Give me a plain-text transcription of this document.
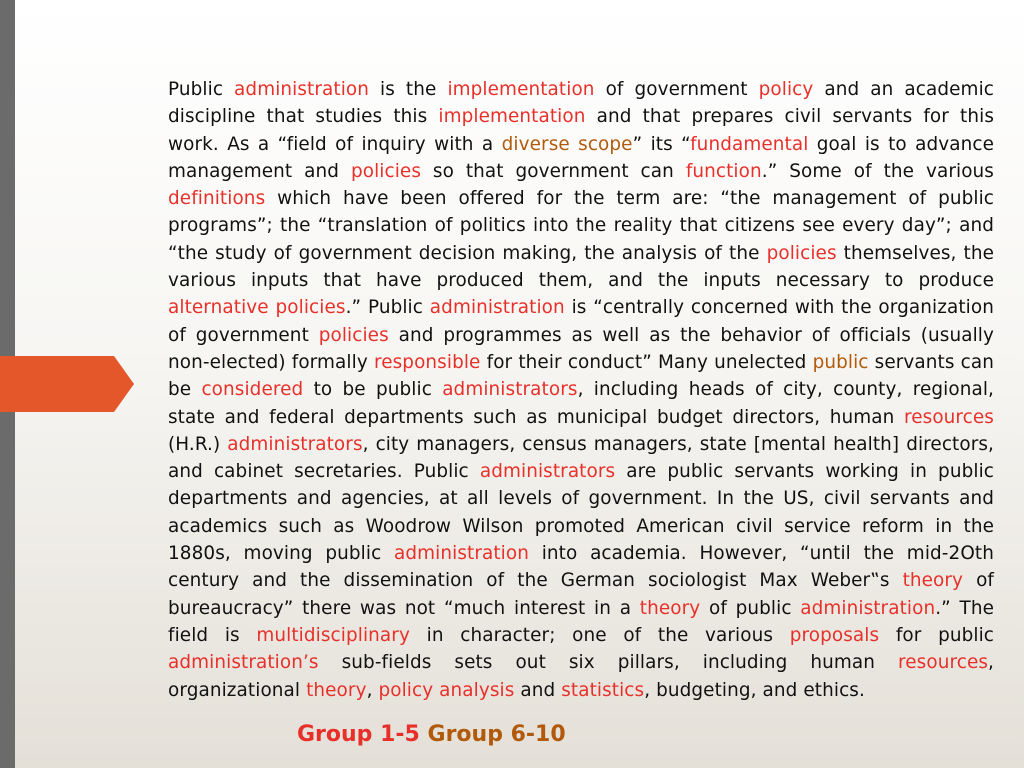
Public administration is the implementation of government policy and an academic discipline that studies this implementation and that prepares civil servants for this work. As a “field of inquiry with a diverse scope” its “fundamental goal is to advance management and policies so that government can function.” Some of the various definitions which have been offered for the term are: “the management of public programs”; the “translation of politics into the reality that citizens see every day”; and “the study of government decision making, the analysis of the policies themselves, the various inputs that have produced them, and the inputs necessary to produce alternative policies.” Public administration is “centrally concerned with the organization of government policies and programmes as well as the behavior of officials (usually non-elected) formally responsible for their conduct” Many unelected public servants can be considered to be public administrators, including heads of city, county, regional, state and federal departments such as municipal budget directors, human resources (H.R.) administrators, city managers, census managers, state [mental health] directors, and cabinet secretaries. Public administrators are public servants working in public departments and agencies, at all levels of government. In the US, civil servants and academics such as Woodrow Wilson promoted American civil service reform in the 1880s, moving public administration into academia. However, “until the mid-2Oth century and the dissemination of the German sociologist Max Weber‟s theory of bureaucracy” there was not “much interest in a theory of public administration.” The field is multidisciplinary in character; one of the various proposals for public administration’s sub-fields sets out six pillars, including human resources, organizational theory, policy analysis and statistics, budgeting, and ethics.

Group 1-5 Group 6-10
